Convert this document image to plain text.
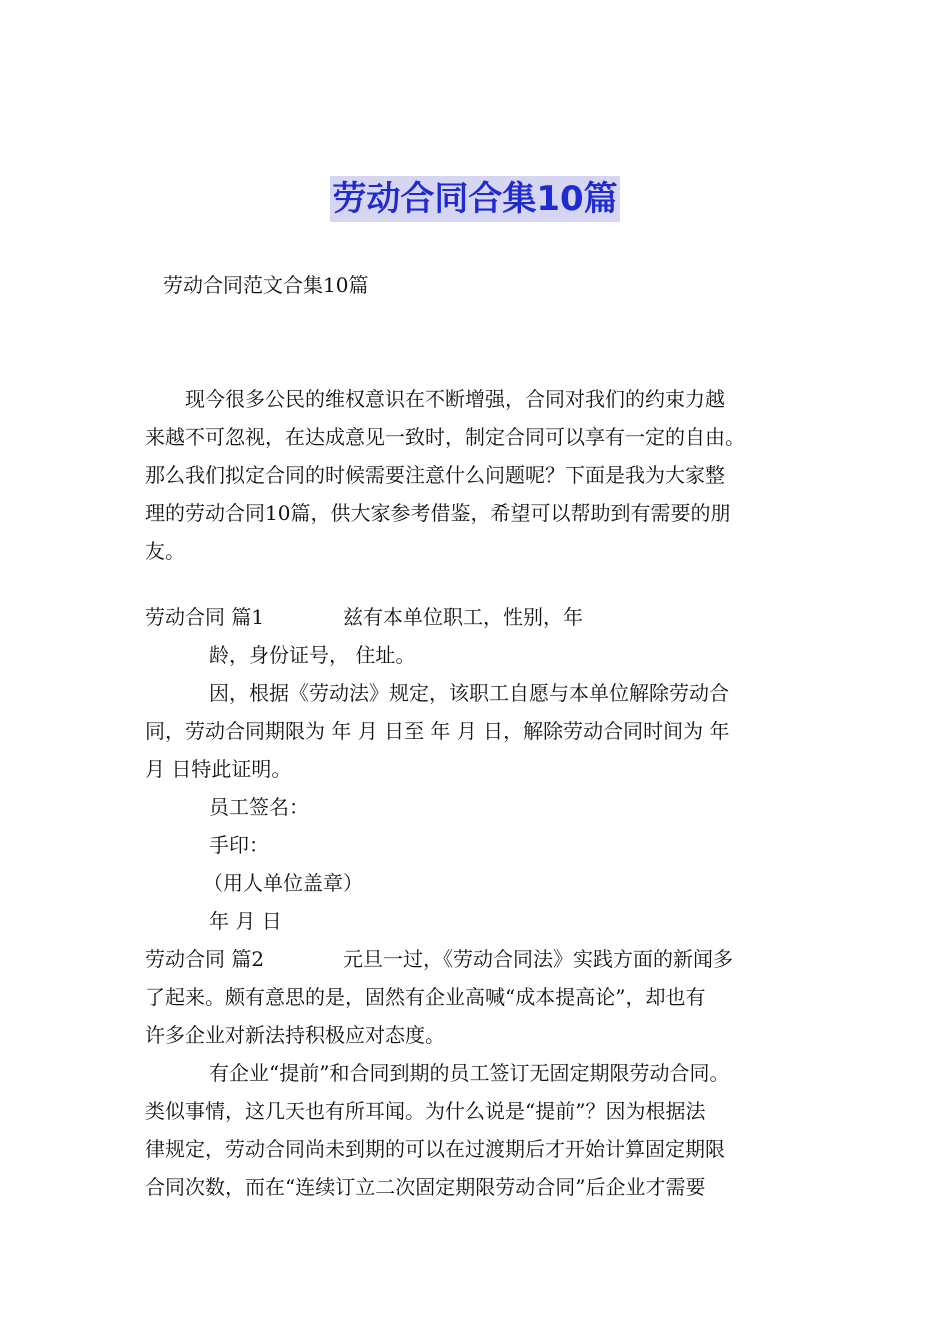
劳动合同合集10篇
劳动合同范文合集10篇

现今很多公民的维权意识在不断增强，合同对我们的约束力越

来越不可忽视，在达成意见一致时，制定合同可以享有一定的自由。

那么我们拟定合同的时候需要注意什么问题呢？下面是我为大家整

理的劳动合同10篇，供大家参考借鉴，希望可以帮助到有需要的朋

友。

劳动合同 篇1	兹有本单位职工，性别，年

龄，身份证号， 住址。

因，根据《劳动法》规定，该职工自愿与本单位解除劳动合

同，劳动合同期限为 年 月 日至 年 月 日，解除劳动合同时间为 年

月 日特此证明。

员工签名：

手印：

（用人单位盖章）

年 月 日

劳动合同 篇2	元旦一过，《劳动合同法》实践方面的新闻多

了起来。颇有意思的是，固然有企业高喊“成本提高论”，却也有

许多企业对新法持积极应对态度。

有企业“提前”和合同到期的员工签订无固定期限劳动合同。

类似事情，这几天也有所耳闻。为什么说是“提前”？因为根据法

律规定，劳动合同尚未到期的可以在过渡期后才开始计算固定期限

合同次数，而在“连续订立二次固定期限劳动合同”后企业才需要
